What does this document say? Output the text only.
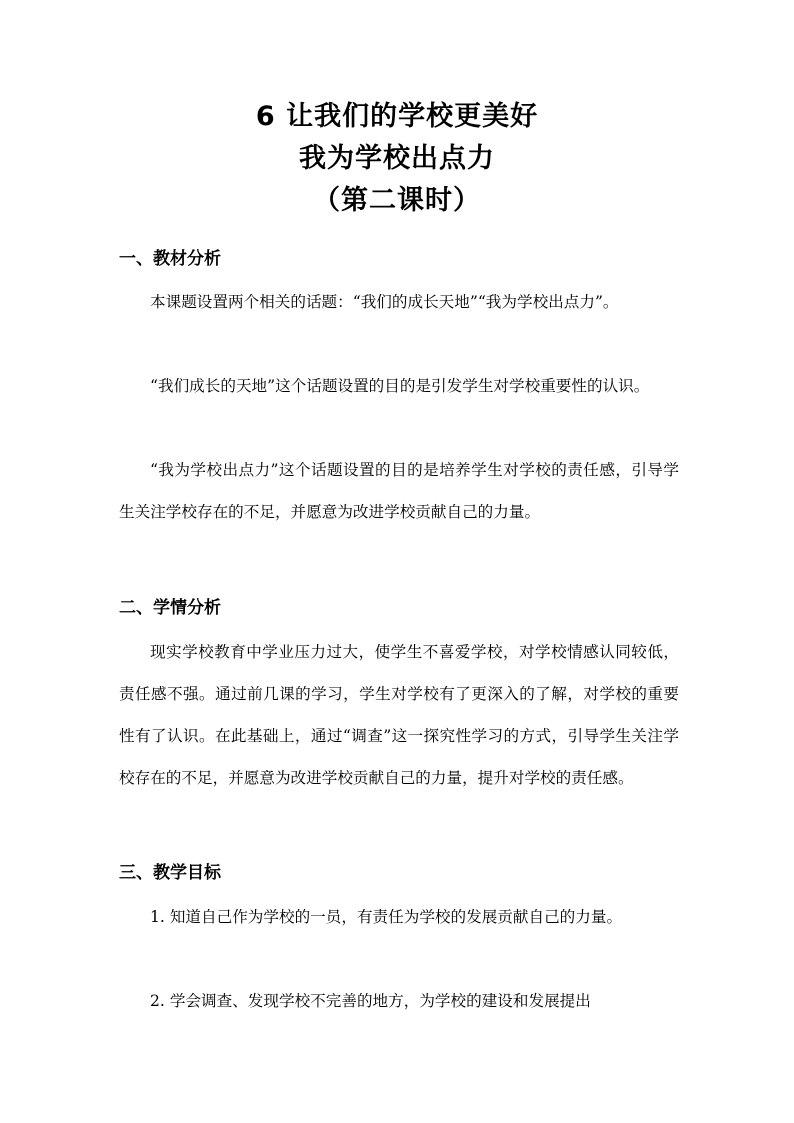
6 让我们的学校更美好
我为学校出点力
（第二课时）
一、教材分析

本课题设置两个相关的话题：“我们的成长天地”“我为学校出点力”。

“我们成长的天地”这个话题设置的目的是引发学生对学校重要性的认识。

“我为学校出点力”这个话题设置的目的是培养学生对学校的责任感，引导学生关注学校存在的不足，并愿意为改进学校贡献自己的力量。

二、学情分析

现实学校教育中学业压力过大，使学生不喜爱学校，对学校情感认同较低，责任感不强。通过前几课的学习，学生对学校有了更深入的了解，对学校的重要性有了认识。在此基础上，通过“调查”这一探究性学习的方式，引导学生关注学校存在的不足，并愿意为改进学校贡献自己的力量，提升对学校的责任感。

三、教学目标

1. 知道自己作为学校的一员，有责任为学校的发展贡献自己的力量。

2. 学会调查、发现学校不完善的地方，为学校的建设和发展提出
